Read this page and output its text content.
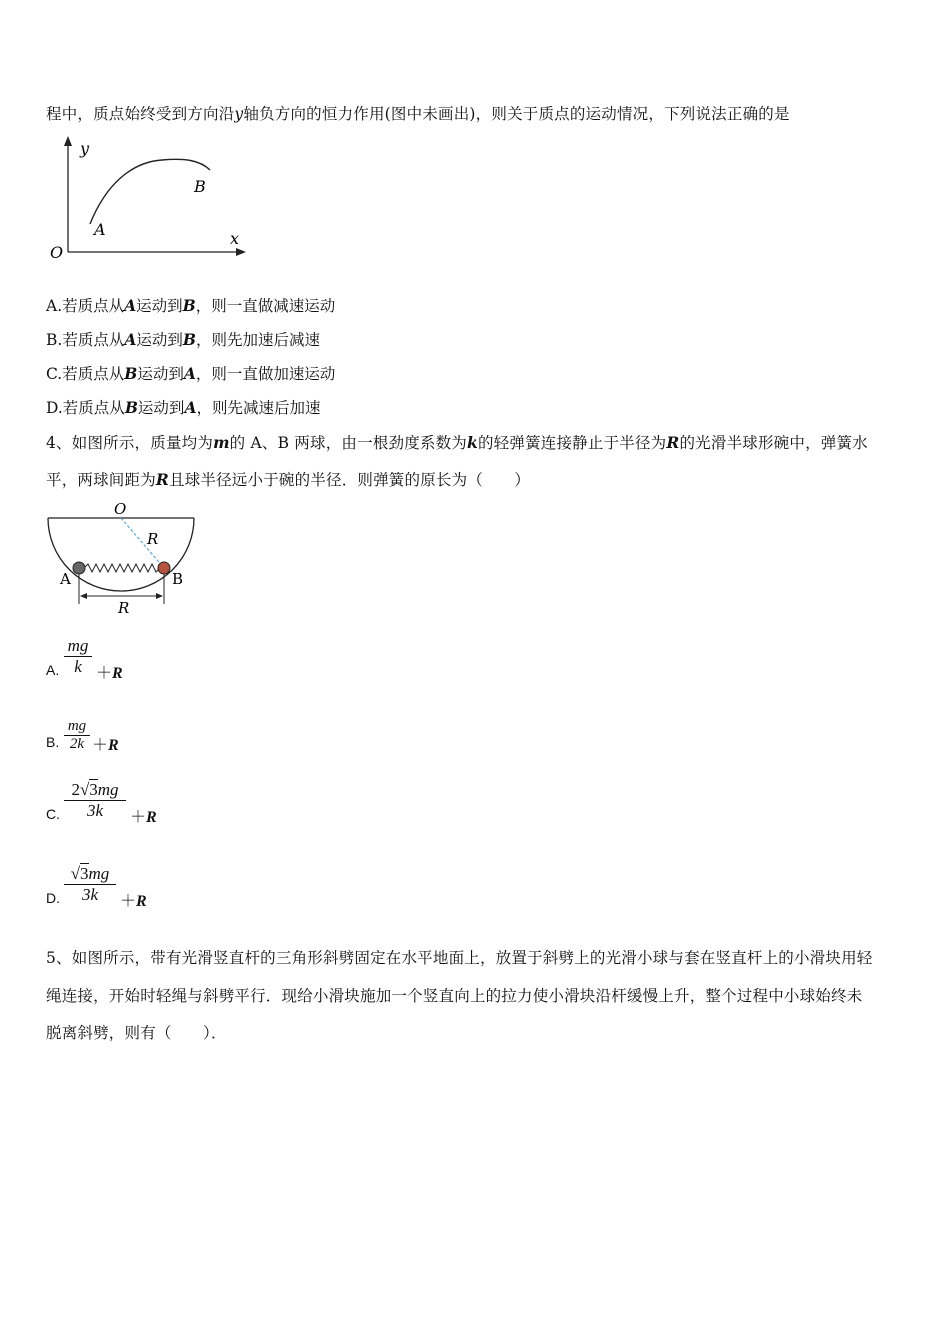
程中，质点始终受到方向沿y轴负方向的恒力作用(图中未画出)，则关于质点的运动情况，下列说法正确的是
y
x
O
A
B
A.若质点从A运动到B，则一直做减速运动
B.若质点从A运动到B，则先加速后减速
C.若质点从B运动到A，则一直做加速运动
D.若质点从B运动到A，则先减速后加速
4、如图所示，质量均为m的 A、B 两球，由一根劲度系数为k的轻弹簧连接静止于半径为R的光滑半球形碗中，弹簧水
平，两球间距为R且球半径远小于碗的半径．则弹簧的原长为（　　）
O
R
A	B
R
A.
mg
k ＋R
B.
mg
2k ＋R
C.
2√3mg
3k	＋R
D.
√3mg
3k	＋R
5、如图所示，带有光滑竖直杆的三角形斜劈固定在水平地面上，放置于斜劈上的光滑小球与套在竖直杆上的小滑块用轻
绳连接，开始时轻绳与斜劈平行．现给小滑块施加一个竖直向上的拉力使小滑块沿杆缓慢上升，整个过程中小球始终未
脱离斜劈，则有（　　）．
